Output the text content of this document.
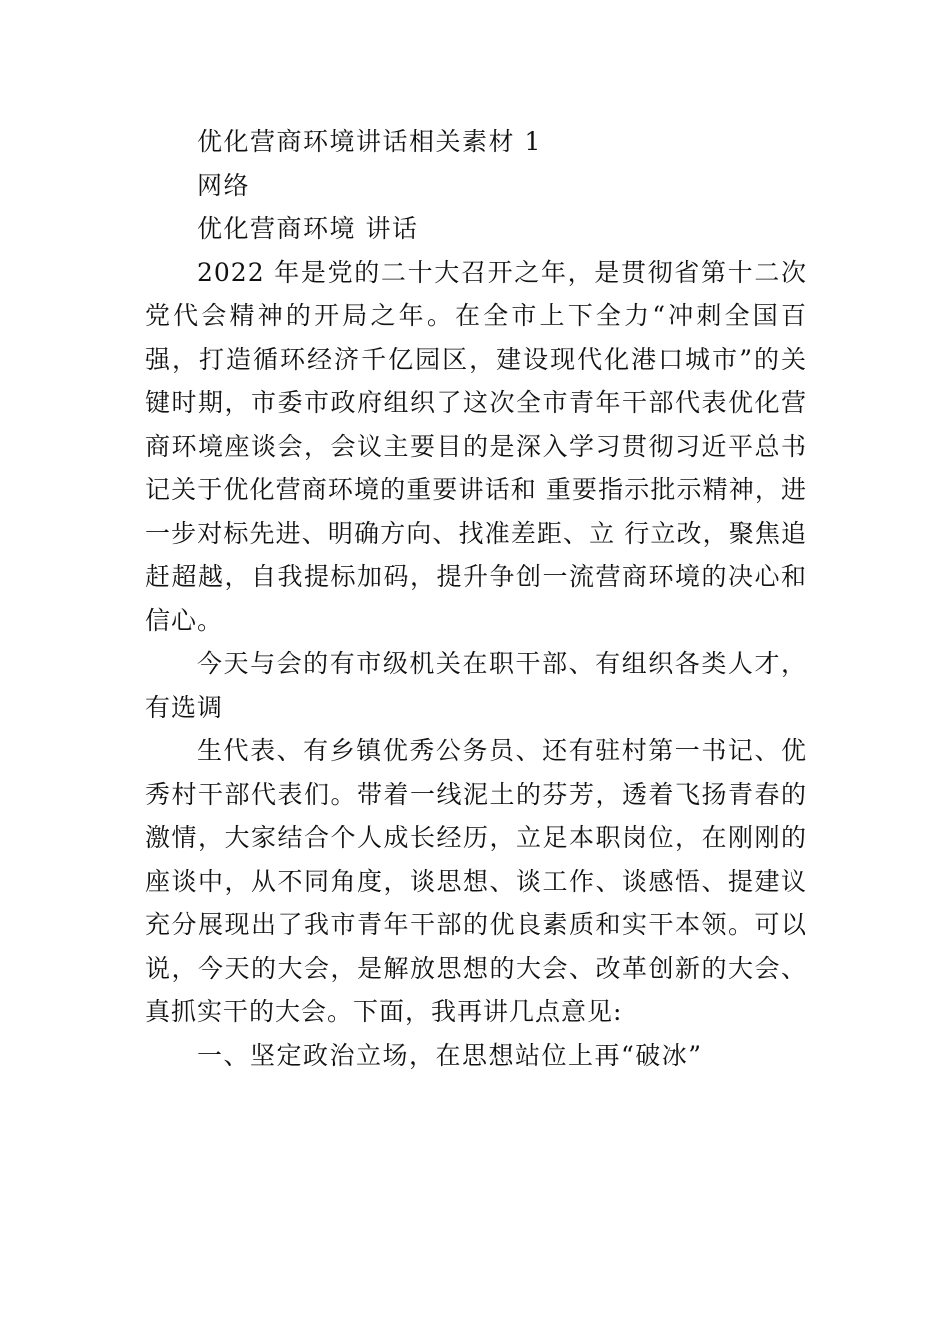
优化营商环境讲话相关素材 1

网络

优化营商环境 讲话

2022 年是党的二十大召开之年，是贯彻省第十二次党代会精神的开局之年。在全市上下全力“冲刺全国百强，打造循环经济千亿园区，建设现代化港口城市”的关键时期，市委市政府组织了这次全市青年干部代表优化营商环境座谈会，会议主要目的是深入学习贯彻习近平总书记关于优化营商环境的重要讲话和 重要指示批示精神，进一步对标先进、明确方向、找准差距、立 行立改，聚焦追赶超越，自我提标加码，提升争创一流营商环境的决心和信心。

今天与会的有市级机关在职干部、有组织各类人才，有选调

生代表、有乡镇优秀公务员、还有驻村第一书记、优秀村干部代表们。带着一线泥土的芬芳，透着飞扬青春的激情，大家结合个人成长经历，立足本职岗位，在刚刚的座谈中，从不同角度，谈思想、谈工作、谈感悟、提建议充分展现出了我市青年干部的优良素质和实干本领。可以说，今天的大会，是解放思想的大会、改革创新的大会、真抓实干的大会。下面，我再讲几点意见:

一、坚定政治立场，在思想站位上再“破冰”
